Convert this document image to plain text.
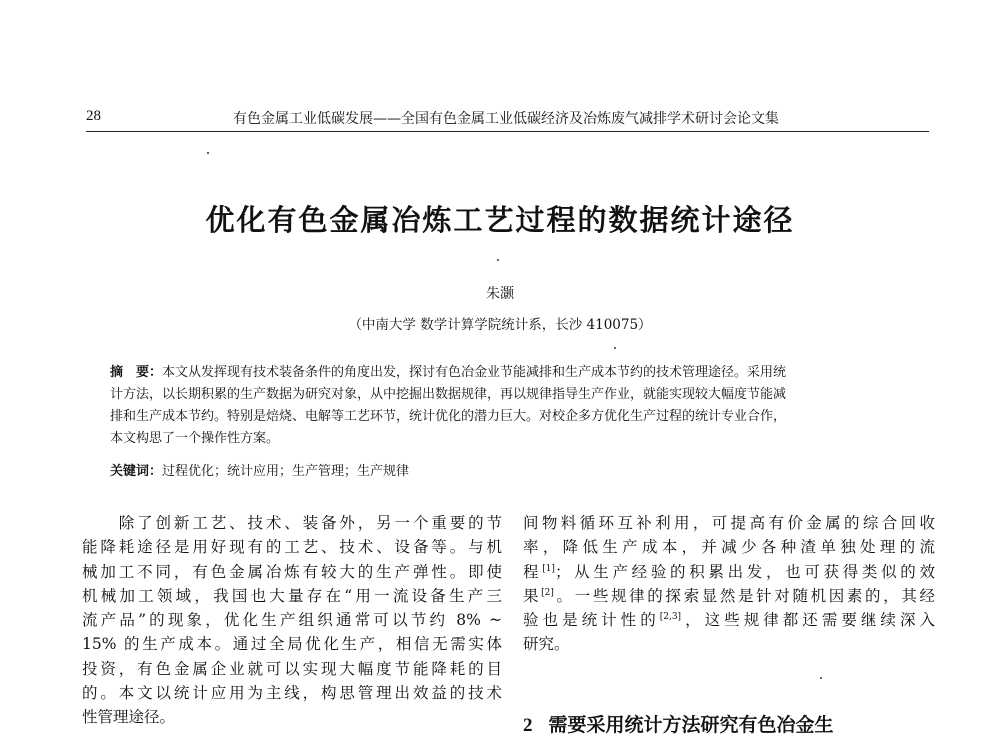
28	有色金属工业低碳发展——全国有色金属工业低碳经济及冶炼废气减排学术研讨会论文集
优化有色金属冶炼工艺过程的数据统计途径
朱灏
（中南大学 数学计算学院统计系，长沙 410075）
摘　要：本文从发挥现有技术装备条件的角度出发，探讨有色冶金业节能减排和生产成本节约的技术管理途径。采用统
计方法，以长期积累的生产数据为研究对象，从中挖掘出数据规律，再以规律指导生产作业，就能实现较大幅度节能减
排和生产成本节约。特别是焙烧、电解等工艺环节，统计优化的潜力巨大。对校企多方优化生产过程的统计专业合作，
本文构思了一个操作性方案。
关键词：过程优化；统计应用；生产管理；生产规律
　　除了创新工艺、技术、装备外，另一个重要的节
能降耗途径是用好现有的工艺、技术、设备等。与机
械加工不同，有色金属冶炼有较大的生产弹性。即使
机械加工领域，我国也大量存在“用一流设备生产三
流产品”的现象，优化生产组织通常可以节约 8% ~
15% 的生产成本。通过全局优化生产，相信无需实体
投资，有色金属企业就可以实现大幅度节能降耗的目
的。本文以统计应用为主线，构思管理出效益的技术
性管理途径。
间物料循环互补利用，可提高有价金属的综合回收
率，降低生产成本，并减少各种渣单独处理的流
程[1]；从生产经验的积累出发，也可获得类似的效
果[2]。一些规律的探索显然是针对随机因素的，其经
验也是统计性的[2,3]，这些规律都还需要继续深入
研究。
2 需要采用统计方法研究有色冶金生
